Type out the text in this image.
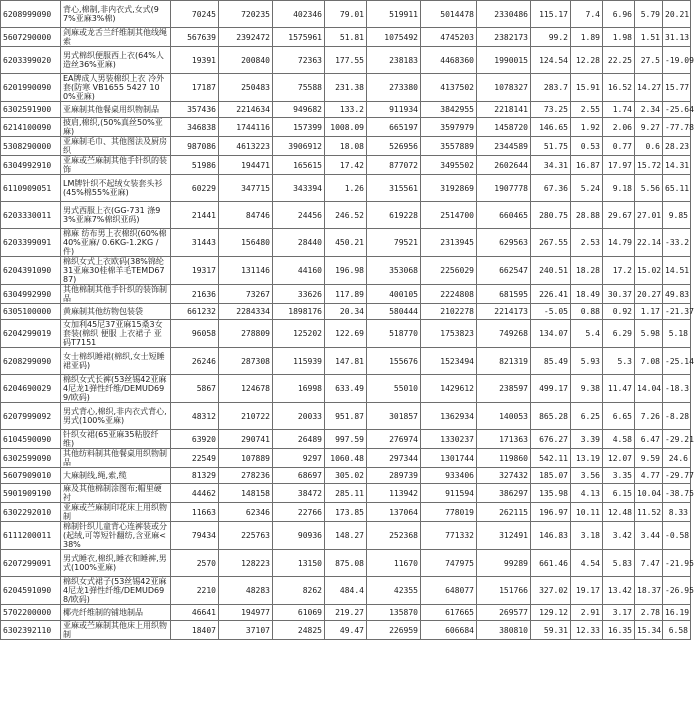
6208999090	背心,棉制,非内衣式,女式(97%亚麻3%棉)	70245	720235	402346	79.01	519911	5014478	2330486	115.17	7.4	6.96	5.79	20.21
5607290000	剑麻或龙舌兰纤维制其他线绳索	567639	2392472	1575961	51.81	1075492	4745203	2382173	99.2	1.89	1.98	1.51	31.13
6203399020	男式棉织便服西上衣(64%人造丝36%亚麻)	19391	200840	72363	177.55	238183	4468360	1990015	124.54	12.28	22.25	27.5	-19.09
6201990090	EA牌成人男装棉织上衣 冷外套(防寒 VB1655 5427 100%亚麻)	17187	250483	75588	231.38	273380	4137502	1078327	283.7	15.91	16.52	14.27	15.77
6302591900	亚麻制其他餐桌用织物制品	357436	2214634	949682	133.2	911934	3842955	2218141	73.25	2.55	1.74	2.34	-25.64
6214100090	披肩,棉织,(50%真丝50%亚麻)	346838	1744116	157399	1008.09	665197	3597979	1458720	146.65	1.92	2.06	9.27	-77.78
5308290000	亚麻制毛巾、其他图法及厨房织	987086	4613223	3906912	18.08	526956	3557889	2344589	51.75	0.53	0.77	0.6	28.23
6304992910	亚麻或苎麻制其他手针织的装饰	51986	194471	165615	17.42	877072	3495502	2602644	34.31	16.87	17.97	15.72	14.31
6110909051	LM牌针织不起绒女装套头衫(45%棉55%亚麻)	60229	347715	343394	1.26	315561	3192869	1907778	67.36	5.24	9.18	5.56	65.11
6203330011	男式西服上衣(GG-731 涤93%亚麻7%棉织亚码)	21441	84746	24456	246.52	619228	2514700	660465	280.75	28.88	29.67	27.01	9.85
6203399091	棉麻 纺布男上衣棉织(60%棉40%亚麻/ 0.6KG-1.2KG /件)	31443	156480	28440	450.21	79521	2313945	629563	267.55	2.53	14.79	22.14	-33.2
6204391090	棉织女式上衣欧码(38%锦纶31亚麻30桂棉羊毛TEMD6787)	19317	131146	44160	196.98	353068	2256029	662547	240.51	18.28	17.2	15.02	14.51
6304992990	其他棉制其他手针织的装饰制品	21636	73267	33626	117.89	400105	2224808	681595	226.41	18.49	30.37	20.27	49.83
6305100000	黄麻制其他纺物包装袋	661232	2284334	1898176	20.34	580444	2102278	2214173	-5.05	0.88	0.92	1.17	-21.37
6204299019	女加利45尼37亚麻15桑3女套装(棉织 便服 上衣裙子 亚码T7151	96058	278809	125202	122.69	518770	1753823	749268	134.07	5.4	6.29	5.98	5.18
6208299090	女士棉织睡裙(棉织,女士短睡裙亚码)	26246	287308	115939	147.81	155676	1523494	821319	85.49	5.93	5.3	7.08	-25.14
6204690029	棉织女式长裤(53丝锡42亚麻4尼龙1弹性纤维/DEMUD699/欧码)	5867	124678	16998	633.49	55010	1429612	238597	499.17	9.38	11.47	14.04	-18.3
6207999092	男式背心,棉织,非内衣式背心,男式(100%亚麻)	48312	210722	20033	951.87	301857	1362934	140053	865.28	6.25	6.65	7.26	-8.28
6104590090	针织女裙(65亚麻35粘胶纤维)	63920	290741	26489	997.59	276974	1330237	171363	676.27	3.39	4.58	6.47	-29.21
6302599090	其他纺料制其他餐桌用织物制品	22549	107889	9297	1060.48	297344	1301744	119860	542.11	13.19	12.07	9.59	24.6
5607909010	大麻制线,绳,索,缆	81329	278236	68697	305.02	289739	933406	327432	185.07	3.56	3.35	4.77	-29.77
5901909190	麻及其他棉制涂图布;帽里硬衬	44462	148158	38472	285.11	113942	911594	386297	135.98	4.13	6.15	10.04	-38.75
6302292010	亚麻或苎麻制印花床上用织物制	11663	62346	22766	173.85	137064	778019	262115	196.97	10.11	12.48	11.52	8.33
6111200011	棉制针织儿童背心连裤装或分(起绒,可等短针翻纺,含亚麻<38%	79434	225763	90936	148.27	252368	771332	312491	146.83	3.18	3.42	3.44	-0.58
6207299091	男式睡衣,棉织,睡衣和睡裤,男式(100%亚麻)	2570	128223	13150	875.08	11670	747975	99289	661.46	4.54	5.83	7.47	-21.95
6204591090	棉织女式裙子(53丝锡42亚麻4尼龙1弹性纤维/DEMUD698/欧码)	2210	48283	8262	484.4	42355	648077	151766	327.02	19.17	13.42	18.37	-26.95
5702200000	椰壳纤维制的铺地制品	46641	194977	61069	219.27	135870	617665	269577	129.12	2.91	3.17	2.78	16.19
6302392110	亚麻或苎麻制其他床上用织物制	18407	37107	24825	49.47	226959	606684	380810	59.31	12.33	16.35	15.34	6.58
